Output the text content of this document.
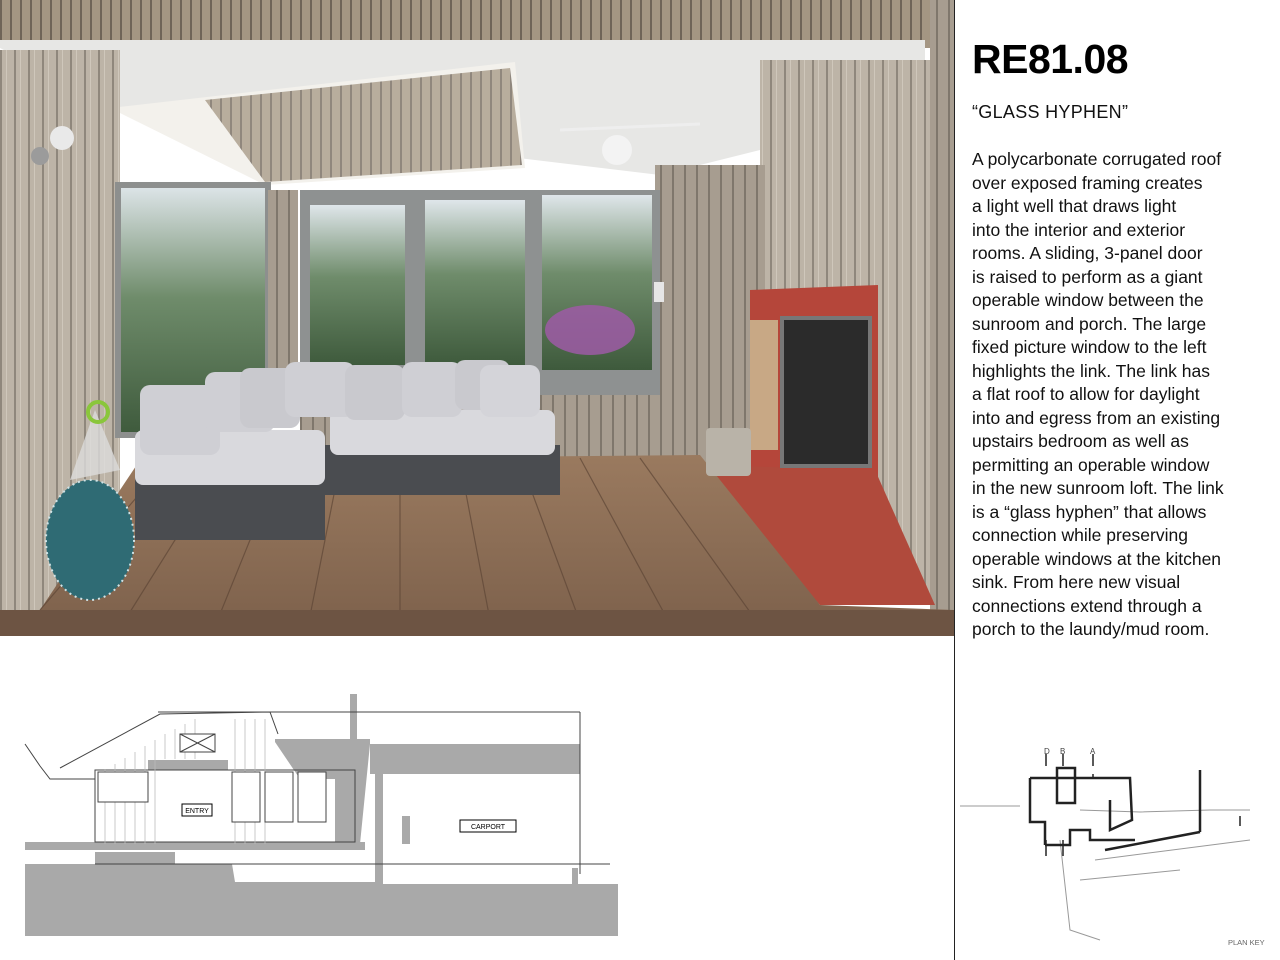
RE81.08

“GLASS HYPHEN”

A polycarbonate corrugated roof
over exposed framing creates
a light well that draws light
into the interior and exterior
rooms. A sliding, 3-panel door
is raised to perform as a giant
operable window between the
sunroom and porch. The large
fixed picture window to the left
highlights the link. The link has
a flat roof to allow for daylight
into and egress from an existing
upstairs bedroom as well as
permitting an operable window
in the new sunroom loft. The link
is a “glass hyphen” that allows
connection while preserving
operable windows at the kitchen
sink. From here new visual
connections extend through a
porch to the laundy/mud room.

ENTRY
CARPORT
D B	A
PLAN KEY
